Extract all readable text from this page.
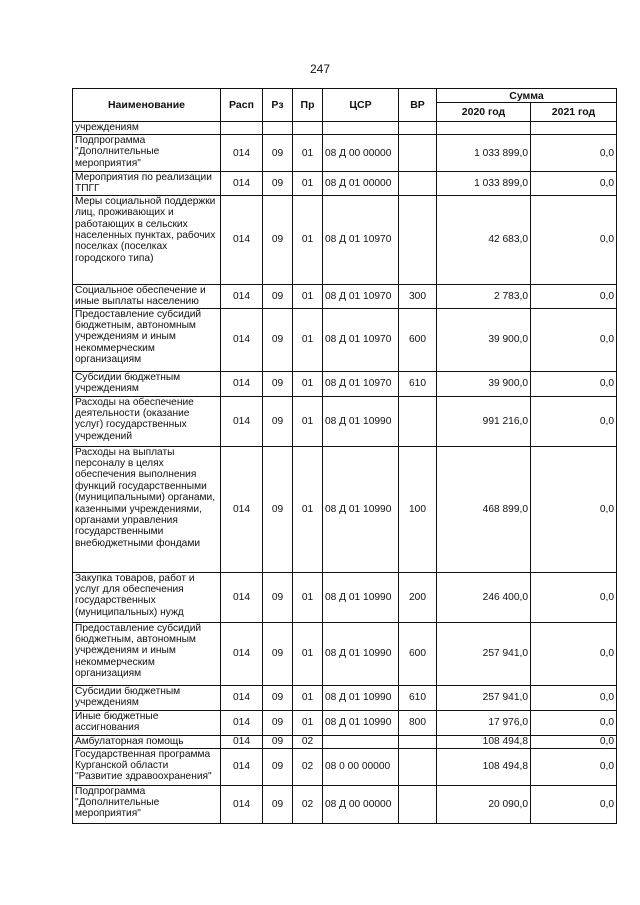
247
Наименование	Расп	Рз	Пр	ЦСР	ВР	Сумма	
						2020 год	2021 год
учреждениям							
Подпрограмма "Дополнительные мероприятия"	014	09	01	08 Д 00 00000		1 033 899,0	0,0
Мероприятия по реализации ТПГГ	014	09	01	08 Д 01 00000		1 033 899,0	0,0
Меры социальной поддержки лиц, проживающих и работающих в сельских населенных пунктах, рабочих поселках (поселках городского типа)	014	09	01	08 Д 01 10970		42 683,0	0,0
Социальное обеспечение и иные выплаты населению	014	09	01	08 Д 01 10970	300	2 783,0	0,0
Предоставление субсидий бюджетным, автономным учреждениям и иным некоммерческим организациям	014	09	01	08 Д 01 10970	600	39 900,0	0,0
Субсидии бюджетным учреждениям	014	09	01	08 Д 01 10970	610	39 900,0	0,0
Расходы на обеспечение деятельности (оказание услуг) государственных учреждений	014	09	01	08 Д 01 10990		991 216,0	0,0
Расходы на выплаты персоналу в целях обеспечения выполнения функций государственными (муниципальными) органами, казенными учреждениями, органами управления государственными внебюджетными фондами	014	09	01	08 Д 01 10990	100	468 899,0	0,0
Закупка товаров, работ и услуг для обеспечения государственных (муниципальных) нужд	014	09	01	08 Д 01 10990	200	246 400,0	0,0
Предоставление субсидий бюджетным, автономным учреждениям и иным некоммерческим организациям	014	09	01	08 Д 01 10990	600	257 941,0	0,0
Субсидии бюджетным учреждениям	014	09	01	08 Д 01 10990	610	257 941,0	0,0
Иные бюджетные ассигнования	014	09	01	08 Д 01 10990	800	17 976,0	0,0
Амбулаторная помощь	014	09	02			108 494,8	0,0
Государственная программа Курганской области "Развитие здравоохранения"	014	09	02	08 0 00 00000		108 494,8	0,0
Подпрограмма "Дополнительные мероприятия"	014	09	02	08 Д 00 00000		20 090,0	0,0
